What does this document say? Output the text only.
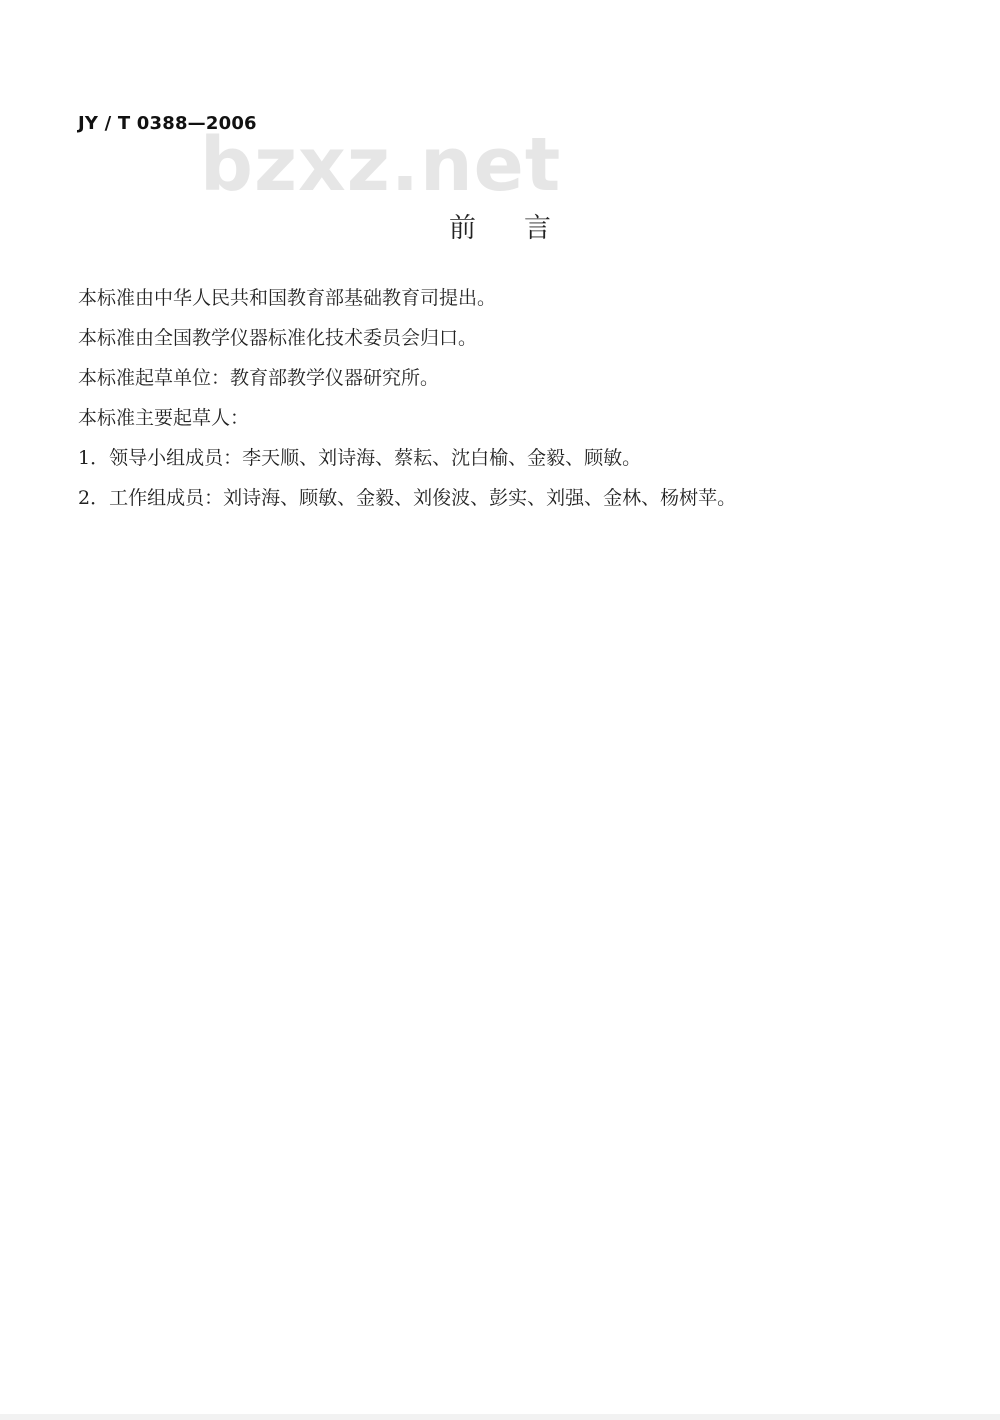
JY / T 0388—2006
bzxz.net
前言
本标准由中华人民共和国教育部基础教育司提出。
本标准由全国教学仪器标准化技术委员会归口。
本标准起草单位：教育部教学仪器研究所。
本标准主要起草人：
1．领导小组成员：李天顺、刘诗海、蔡耘、沈白榆、金毅、顾敏。
2．工作组成员：刘诗海、顾敏、金毅、刘俊波、彭实、刘强、金林、杨树苹。
